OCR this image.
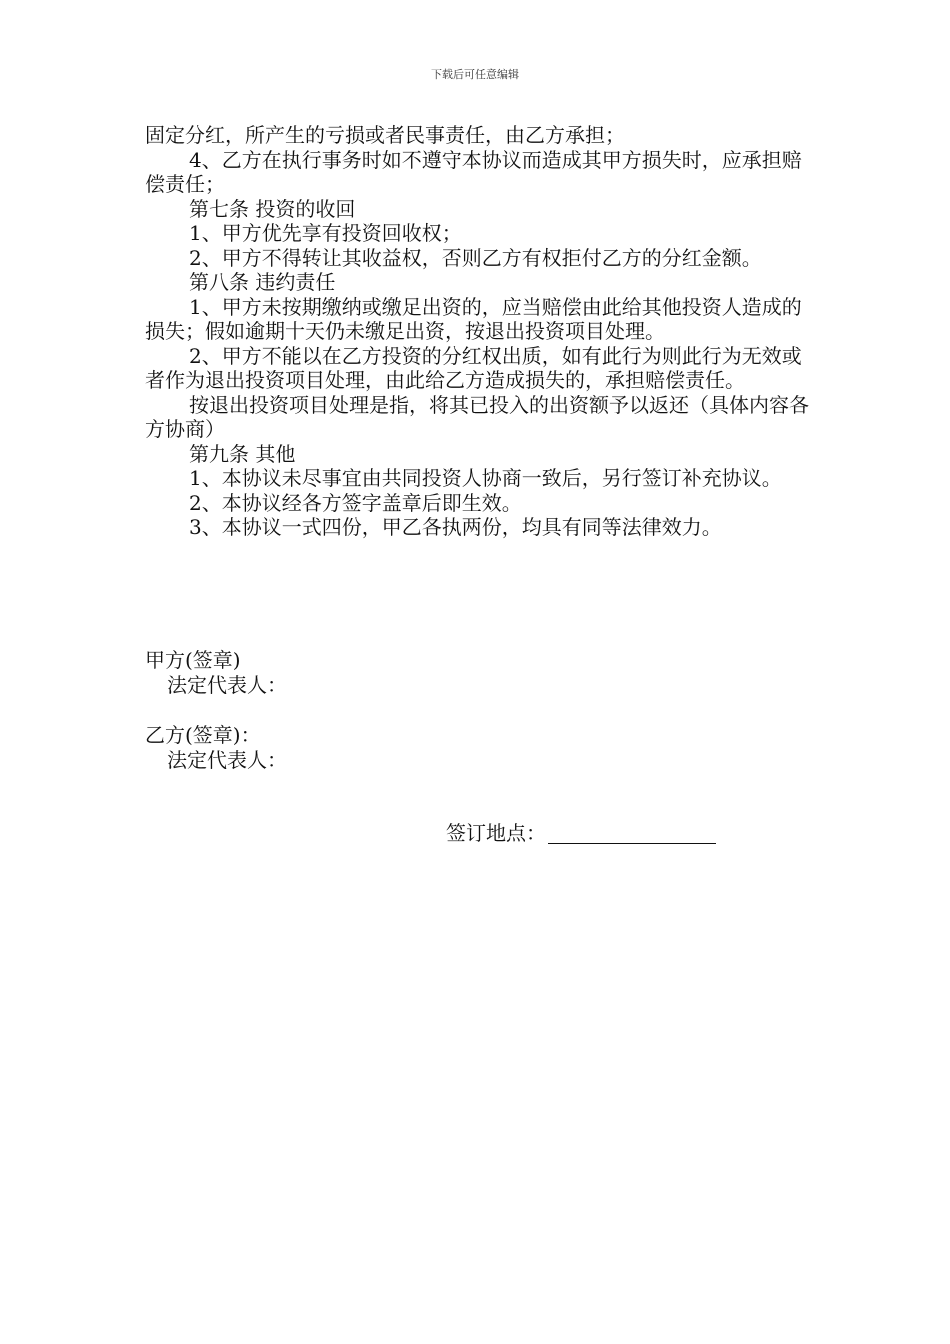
下载后可任意编辑

固定分红，所产生的亏损或者民事责任，由乙方承担；

4、乙方在执行事务时如不遵守本协议而造成其甲方损失时，应承担赔偿责任；

第七条 投资的收回

1、甲方优先享有投资回收权；

2、甲方不得转让其收益权，否则乙方有权拒付乙方的分红金额。

第八条 违约责任

1、甲方未按期缴纳或缴足出资的，应当赔偿由此给其他投资人造成的损失；假如逾期十天仍未缴足出资，按退出投资项目处理。

2、甲方不能以在乙方投资的分红权出质，如有此行为则此行为无效或者作为退出投资项目处理，由此给乙方造成损失的，承担赔偿责任。

按退出投资项目处理是指，将其已投入的出资额予以返还（具体内容各方协商）

第九条 其他

1、本协议未尽事宜由共同投资人协商一致后，另行签订补充协议。

2、本协议经各方签字盖章后即生效。

3、本协议一式四份，甲乙各执两份，均具有同等法律效力。

甲方(签章)

法定代表人：

乙方(签章)：

法定代表人：

签订地点：
